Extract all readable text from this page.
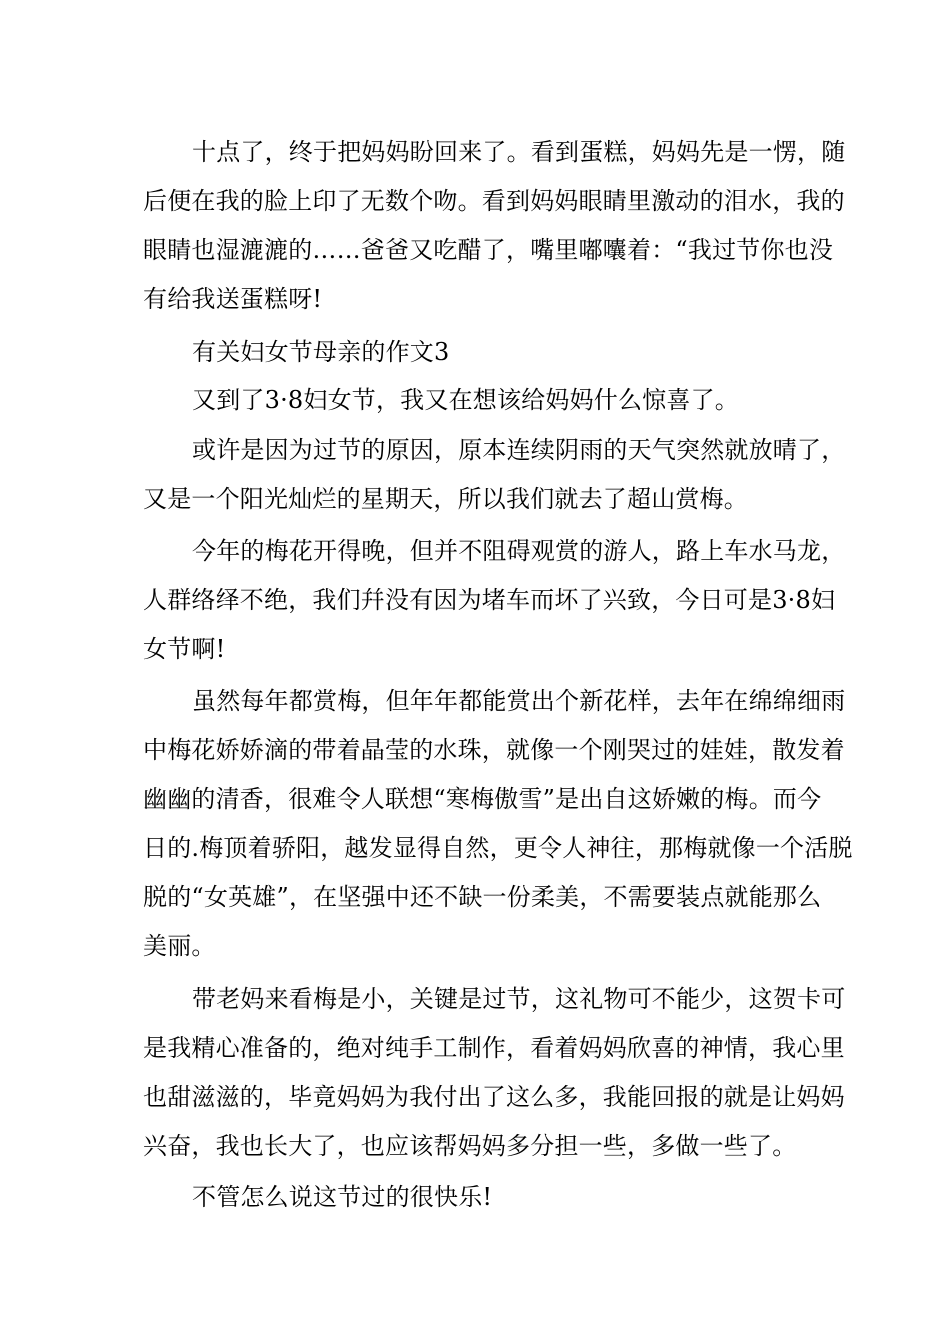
十点了，终于把妈妈盼回来了。看到蛋糕，妈妈先是一愣，随
后便在我的脸上印了无数个吻。看到妈妈眼睛里激动的泪水，我的
眼睛也湿漉漉的……爸爸又吃醋了，嘴里嘟囔着：“我过节你也没
有给我送蛋糕呀!
有关妇女节母亲的作文3
又到了3·8妇女节，我又在想该给妈妈什么惊喜了。
或许是因为过节的原因，原本连续阴雨的天气突然就放晴了，
又是一个阳光灿烂的星期天，所以我们就去了超山赏梅。
今年的梅花开得晚，但并不阻碍观赏的游人，路上车水马龙，
人群络绎不绝，我们幷没有因为堵车而坏了兴致，今日可是3·8妇
女节啊!
虽然每年都赏梅，但年年都能赏出个新花样，去年在绵绵细雨
中梅花娇娇滴的带着晶莹的水珠，就像一个刚哭过的娃娃，散发着
幽幽的清香，很难令人联想“寒梅傲雪”是出自这娇嫩的梅。而今
日的.梅顶着骄阳，越发显得自然，更令人神往，那梅就像一个活脱
脱的“女英雄”，在坚强中还不缺一份柔美，不需要装点就能那么
美丽。
带老妈来看梅是小，关键是过节，这礼物可不能少，这贺卡可
是我精心准备的，绝对纯手工制作，看着妈妈欣喜的神情，我心里
也甜滋滋的，毕竟妈妈为我付出了这么多，我能回报的就是让妈妈
兴奋，我也长大了，也应该帮妈妈多分担一些，多做一些了。
不管怎么说这节过的很快乐!
